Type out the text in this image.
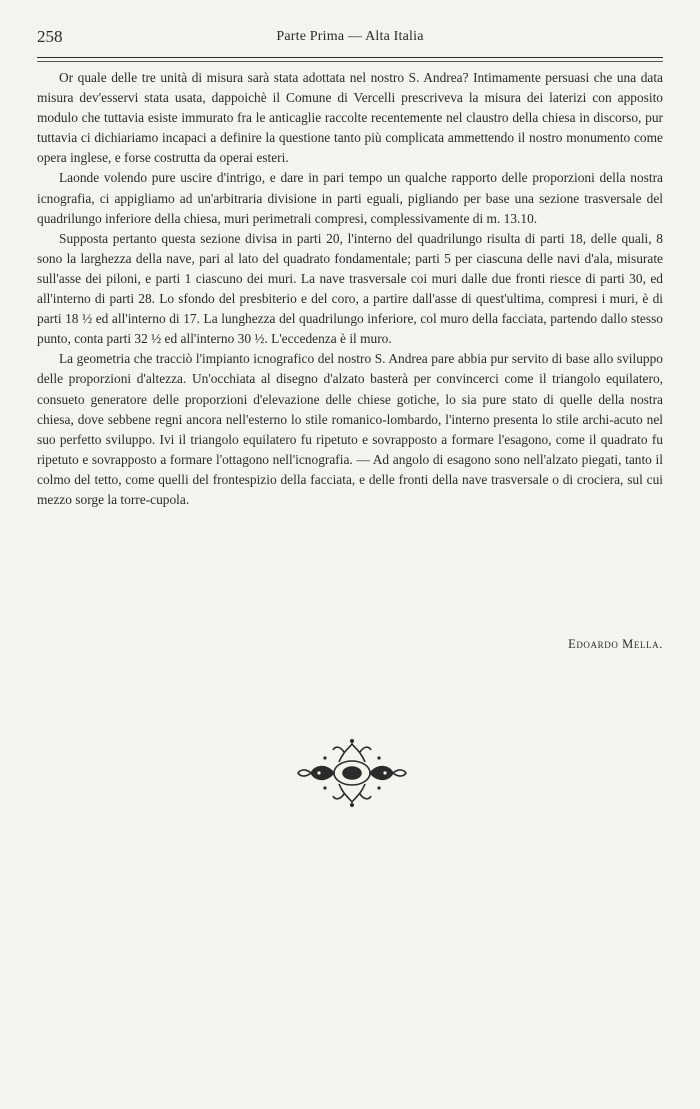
258	Parte Prima — Alta Italia

Or quale delle tre unità di misura sarà stata adottata nel nostro S. Andrea? Intimamente persuasi che una data misura dev'esservi stata usata, dappoichè il Comune di Vercelli prescriveva la misura dei laterizi con apposito modulo che tuttavia esiste immurato fra le anticaglie raccolte recentemente nel claustro della chiesa in discorso, pur tuttavia ci dichiariamo incapaci a definire la questione tanto più complicata ammettendo il nostro monumento come opera inglese, e forse costrutta da operai esteri.

Laonde volendo pure uscire d'intrigo, e dare in pari tempo un qualche rapporto delle proporzioni della nostra icnografia, ci appigliamo ad un'arbitraria divisione in parti eguali, pigliando per base una sezione trasversale del quadrilungo inferiore della chiesa, muri perimetrali compresi, complessivamente di m. 13.10.

Supposta pertanto questa sezione divisa in parti 20, l'interno del quadrilungo risulta di parti 18, delle quali, 8 sono la larghezza della nave, pari al lato del quadrato fondamentale; parti 5 per ciascuna delle navi d'ala, misurate sull'asse dei piloni, e parti 1 ciascuno dei muri. La nave trasversale coi muri dalle due fronti riesce di parti 30, ed all'interno di parti 28. Lo sfondo del presbiterio e del coro, a partire dall'asse di quest'ultima, compresi i muri, è di parti 18 ½ ed all'interno di 17. La lunghezza del quadrilungo inferiore, col muro della facciata, partendo dallo stesso punto, conta parti 32 ½ ed all'interno 30 ½. L'eccedenza è il muro.

La geometria che tracciò l'impianto icnografico del nostro S. Andrea pare abbia pur servito di base allo sviluppo delle proporzioni d'altezza. Un'occhiata al disegno d'alzato basterà per convincerci come il triangolo equilatero, consueto generatore delle proporzioni d'elevazione delle chiese gotiche, lo sia pure stato di quelle della nostra chiesa, dove sebbene regni ancora nell'esterno lo stile romanico-lombardo, l'interno presenta lo stile archi-acuto nel suo perfetto sviluppo. Ivi il triangolo equilatero fu ripetuto e sovrapposto a formare l'esagono, come il quadrato fu ripetuto e sovrapposto a formare l'ottagono nell'icnografia. — Ad angolo di esagono sono nell'alzato piegati, tanto il colmo del tetto, come quelli del frontespizio della facciata, e delle fronti della nave trasversale o di crociera, sul cui mezzo sorge la torre-cupola.

Edoardo Mella.
